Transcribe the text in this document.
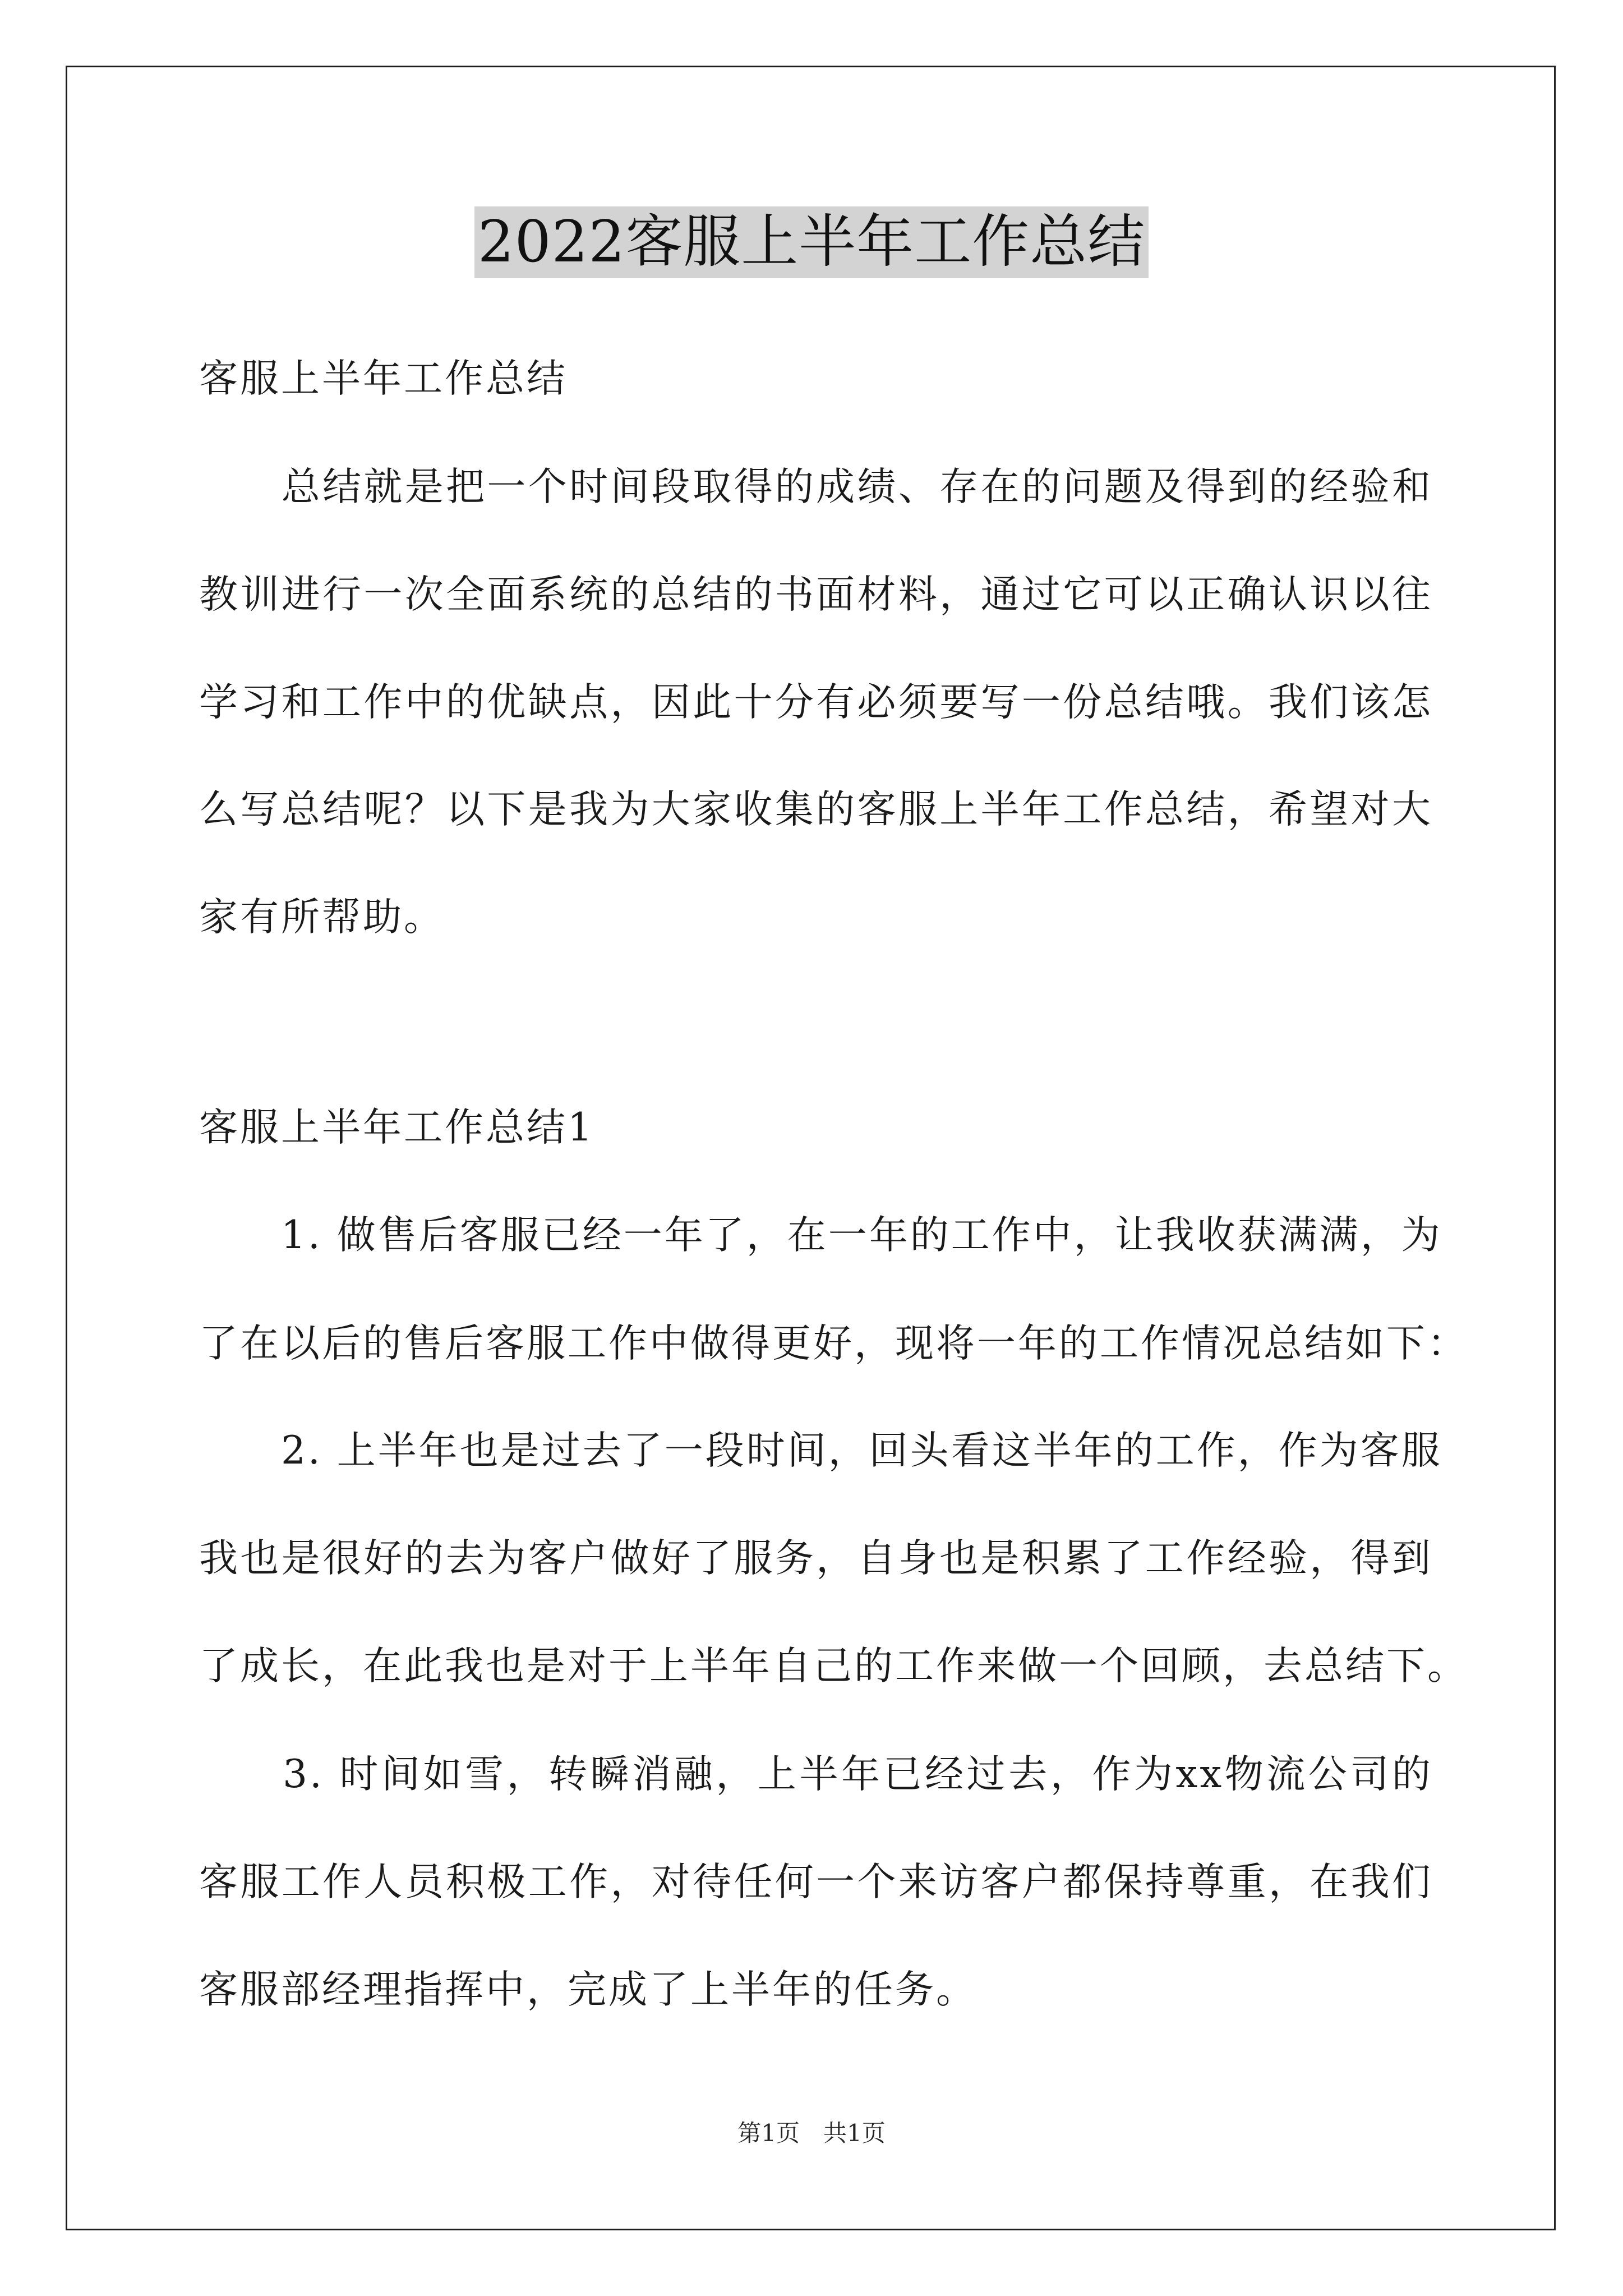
2022客服上半年工作总结
客服上半年工作总结
　　总结就是把一个时间段取得的成绩、存在的问题及得到的经验和
教训进行一次全面系统的总结的书面材料，通过它可以正确认识以往
学习和工作中的优缺点，因此十分有必须要写一份总结哦。我们该怎
么写总结呢？以下是我为大家收集的客服上半年工作总结，希望对大
家有所帮助。
客服上半年工作总结1
　　1. 做售后客服已经一年了，在一年的工作中，让我收获满满，为
了在以后的售后客服工作中做得更好，现将一年的工作情况总结如下：
　　2. 上半年也是过去了一段时间，回头看这半年的工作，作为客服
我也是很好的去为客户做好了服务，自身也是积累了工作经验，得到
了成长，在此我也是对于上半年自己的工作来做一个回顾，去总结下。
　　3. 时间如雪，转瞬消融，上半年已经过去，作为xx物流公司的
客服工作人员积极工作，对待任何一个来访客户都保持尊重，在我们
客服部经理指挥中，完成了上半年的任务。
第1页　共1页
